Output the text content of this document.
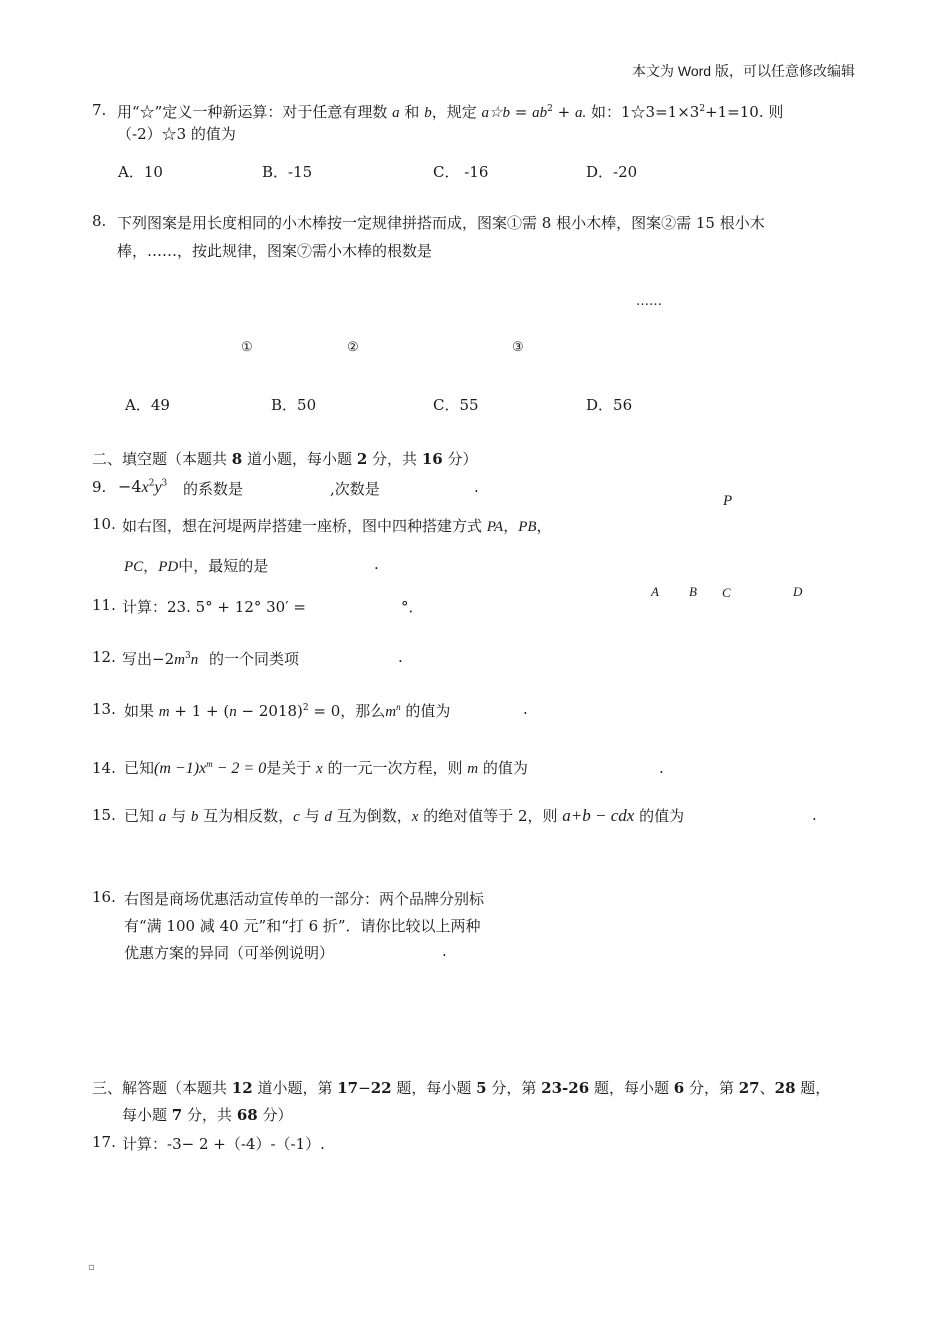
本文为 Word 版，可以任意修改编辑
7. 用“☆”定义一种新运算：对于任意有理数 a 和 b，规定 a☆b = $ab^2 + a$. 如：$1☆3=1\times 3^2+1=10$. 则
（-2）☆3 的值为
A．10	B．-15	C． -16	D．-20
8. 下列图案是用长度相同的小木棒按一定规律拼搭而成，图案①需 8 根小木棒，图案②需 15 根小木
棒，……，按此规律，图案⑦需小木棒的根数是
……
①	②	③
A．49	B．50	C．55	D．56
二、填空题（本题共 8 道小题，每小题 2 分，共 16 分）
9. $-4x^2y^3$ 的系数是	,次数是	.
10. 如右图，想在河堤两岸搭建一座桥，图中四种搭建方式 PA，PB，
PC，PD中，最短的是	.
P
A B C	D
11. 计算：23. 5° + 12° 30′ =	°．
12. 写出$-2m^3n$ 的一个同类项	.
13. 如果 $m + 1 + (n - 2018)^2 = 0$，那么$m^n$ 的值为	.
14. 已知$(m -1)x^m - 2 = 0$是关于 x 的一元一次方程，则 m 的值为	.
15. 已知 a 与 b 互为相反数，c 与 d 互为倒数，x 的绝对值等于 2，则 a+b − cdx 的值为	.
16. 右图是商场优惠活动宣传单的一部分：两个品牌分别标
有“满 100 减 40 元”和“打 6 折”．请你比较以上两种
优惠方案的异同（可举例说明）	.
三、解答题（本题共 12 道小题，第 17−22 题，每小题 5 分，第 23-26 题，每小题 6 分，第 27、28 题，
每小题 7 分，共 68 分）
17. 计算：-3− 2 +（-4）-（-1）.
▫
